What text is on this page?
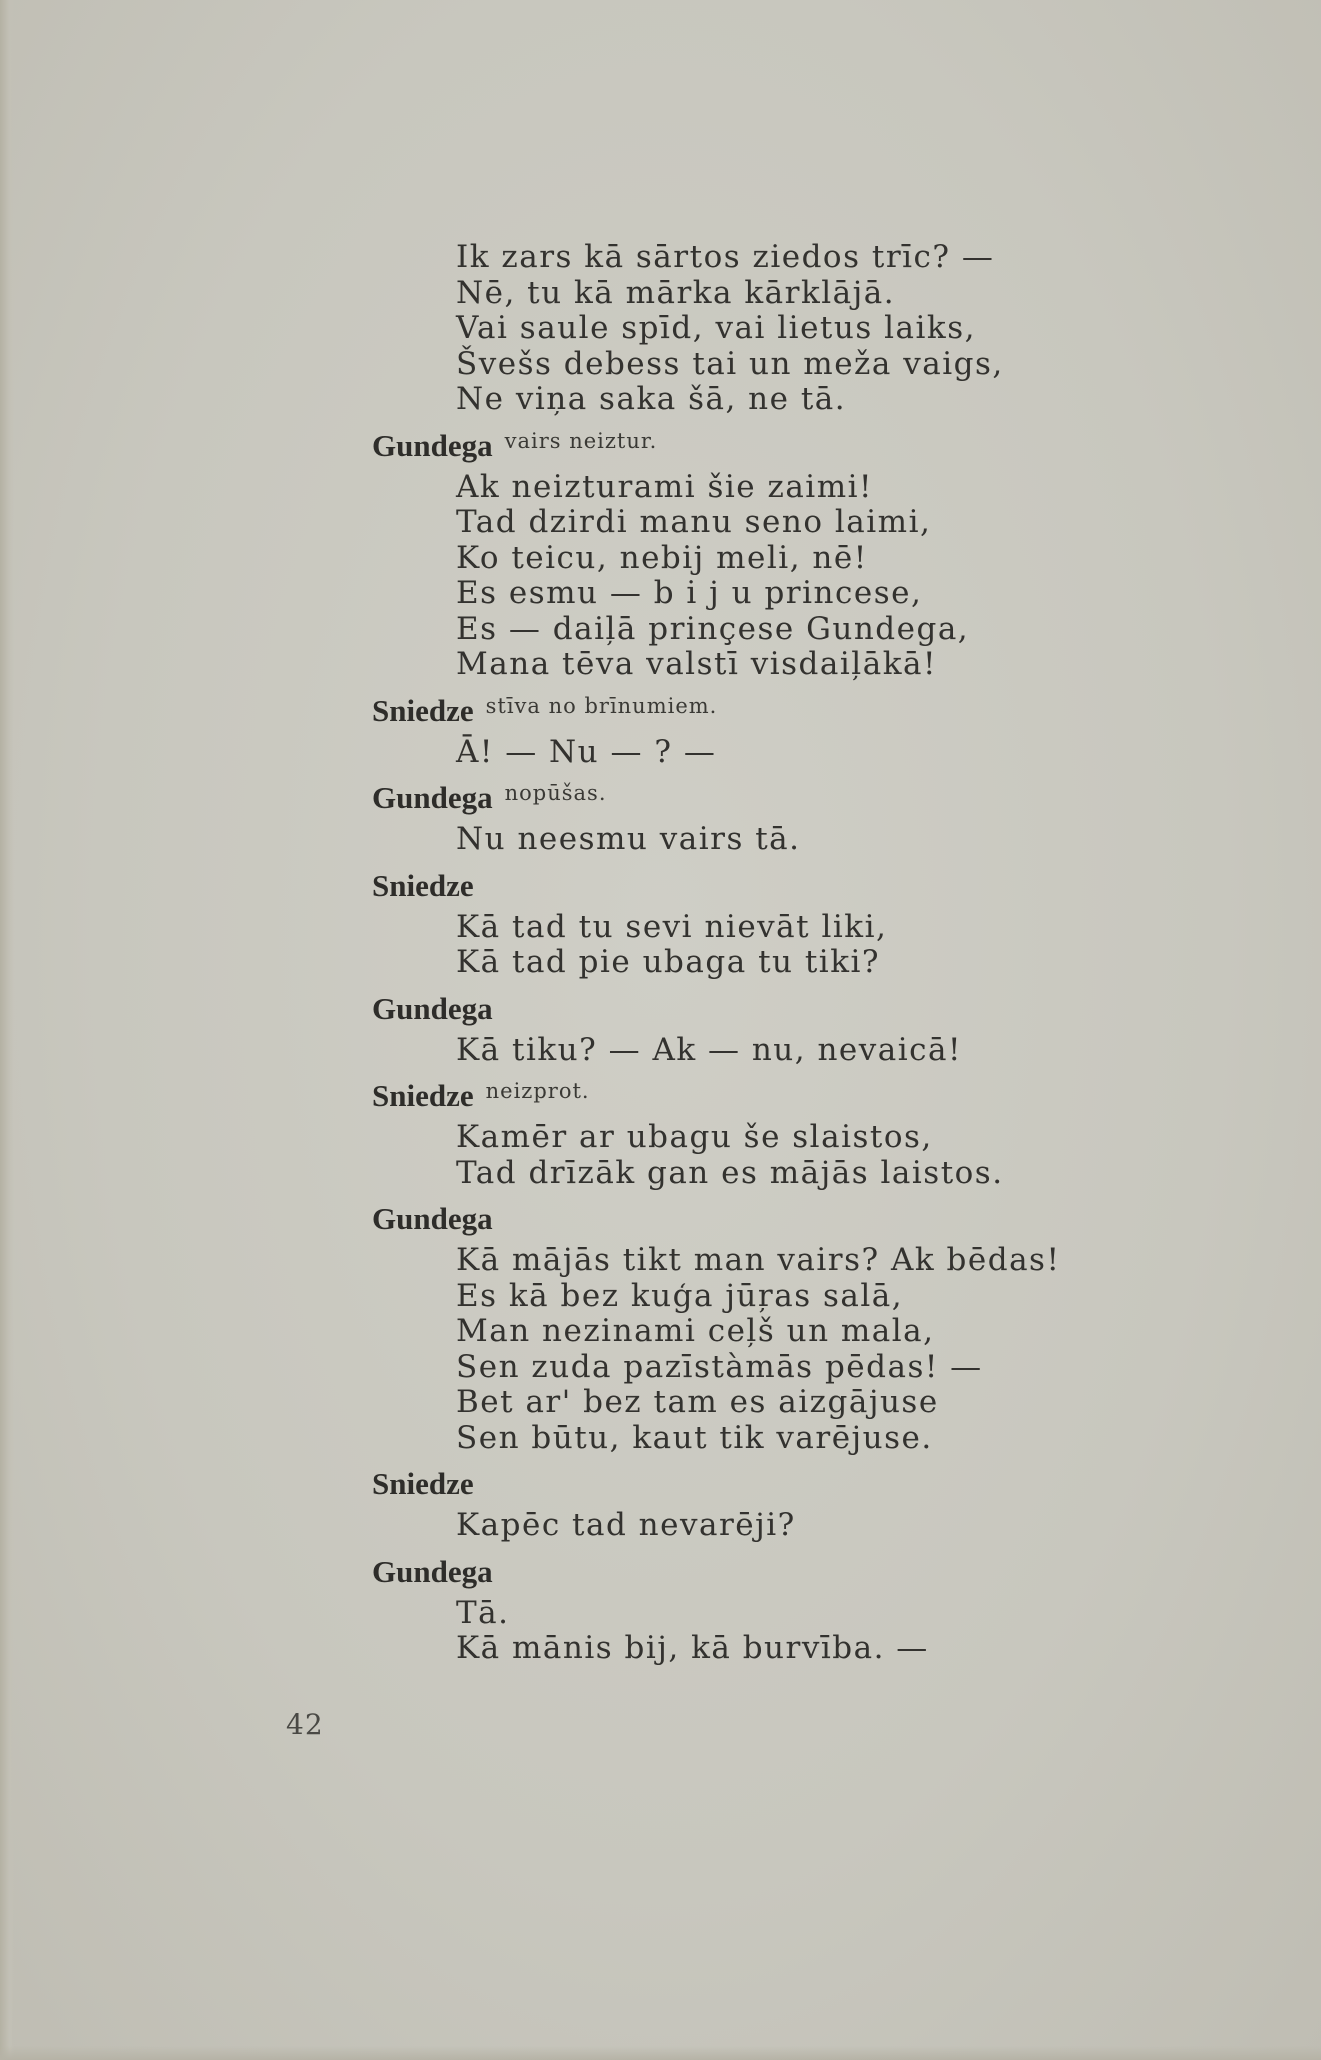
Ik zars kā sārtos ziedos trīc? —
Nē, tu kā mārka kārklājā.
Vai saule spīd, vai lietus laiks,
Švešs debess tai un meža vaigs,
Ne viņa saka šā, ne tā.
Gundega $^{vairs neiztur.}$
Ak neizturami šie zaimi!
Tad dzirdi manu seno laimi,
Ko teicu, nebij meli, nē!
Es esmu — b i j u princese,
Es — daiļā prinçese Gundega,
Mana tēva valstī visdaiļākā!
Sniedze $^{stīva no brīnumiem.}$
Ā! — Nu — ? —
Gundega $^{nopūšas.}$
Nu neesmu vairs tā.
Sniedze
Kā tad tu sevi nievāt liki,
Kā tad pie ubaga tu tiki?
Gundega
Kā tiku? — Ak — nu, nevaicā!
Sniedze $^{neizprot.}$
Kamēr ar ubagu še slaistos,
Tad drīzāk gan es mājās laistos.
Gundega
Kā mājās tikt man vairs? Ak bēdas!
Es kā bez kuģa jūŗas salā,
Man nezinami ceļš un mala,
Sen zuda pazīstàmās pēdas! —
Bet ar' bez tam es aizgājuse
Sen būtu, kaut tik varējuse.
Sniedze
Kapēc tad nevarēji?
Gundega
Tā.
Kā mānis bij, kā burvība. —
42
